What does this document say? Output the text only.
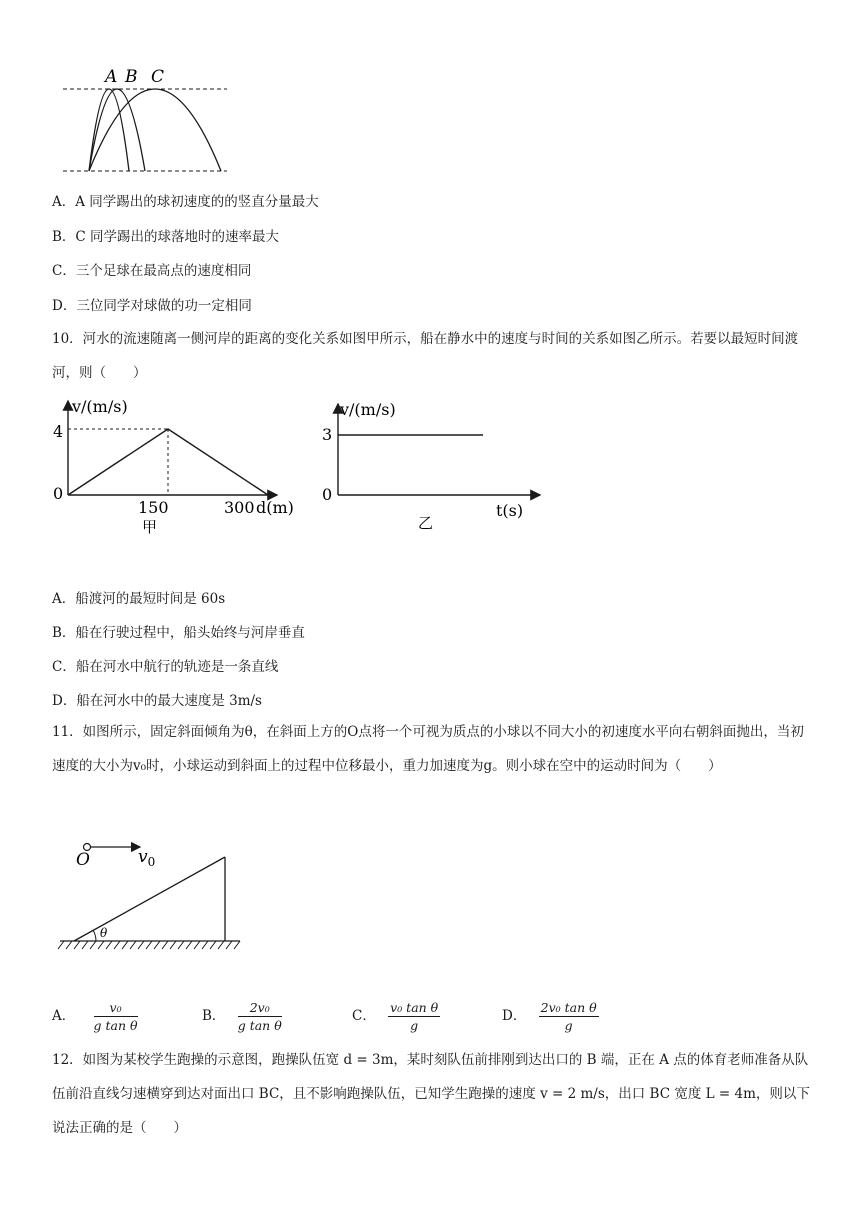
A B C
A．A 同学踢出的球初速度的的竖直分量最大
B．C 同学踢出的球落地时的速率最大
C．三个足球在最高点的速度相同
D．三位同学对球做的功一定相同
10．河水的流速随离一侧河岸的距离的变化关系如图甲所示，船在静水中的速度与时间的关系如图乙所示。若要以最短时间渡河，则（　　）
v/(m/s)
4
0
150	300 d(m)
甲
v/(m/s)
3
0
t(s)
乙
A．船渡河的最短时间是 60s
B．船在行驶过程中，船头始终与河岸垂直
C．船在河水中航行的轨迹是一条直线
D．船在河水中的最大速度是 3m/s
11．如图所示，固定斜面倾角为θ，在斜面上方的O点将一个可视为质点的小球以不同大小的初速度水平向右朝斜面抛出，当初速度的大小为v₀时，小球运动到斜面上的过程中位移最小，重力加速度为g。则小球在空中的运动时间为（　　）
O	$v_0$
θ
A． $\frac{\text{v₀}}{\text{g tan θ}}$	B． $\frac{\text{2v₀}}{\text{g tan θ}}$	C． $\frac{\text{v₀ tan θ}}{g}$	D． $\frac{\text{2v₀ tan θ}}{g}$
12．如图为某校学生跑操的示意图，跑操队伍宽 d = 3m，某时刻队伍前排刚到达出口的 B 端，正在 A 点的体育老师准备从队伍前沿直线匀速横穿到达对面出口 BC，且不影响跑操队伍，已知学生跑操的速度 v = 2 m/s，出口 BC 宽度 L = 4m，则以下说法正确的是（　　）
